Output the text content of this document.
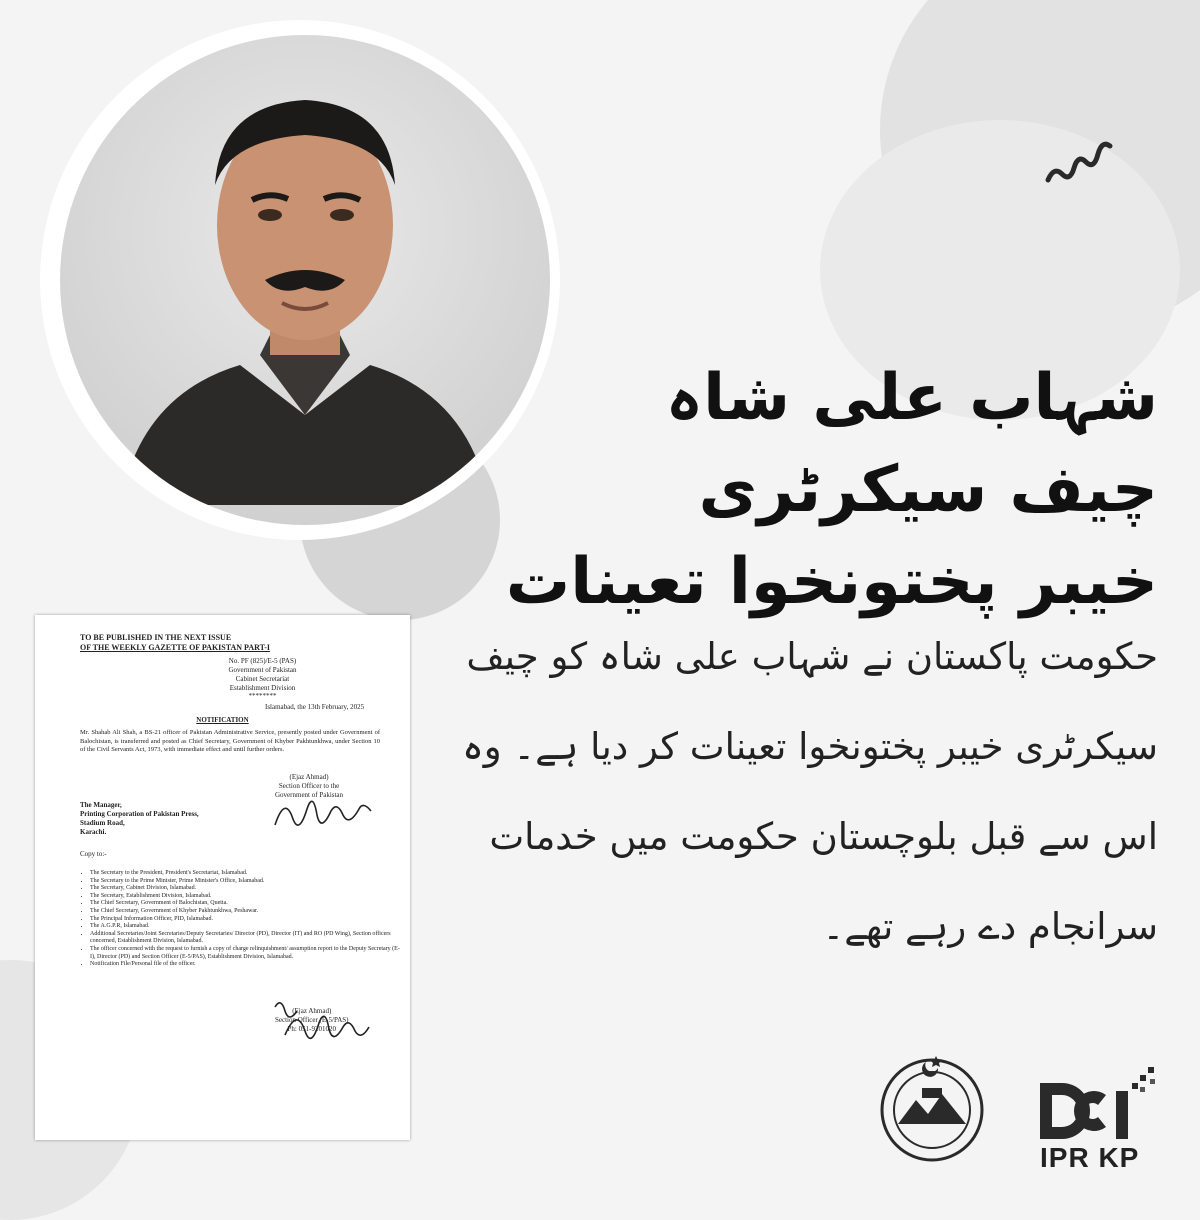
شہاب علی شاہ
چیف سیکرٹری
خیبر پختونخوا تعینات
حکومت پاکستان نے شہاب علی شاہ کو چیف
سیکرٹری خیبر پختونخوا تعینات کر دیا ہے۔ وہ
اس سے قبل بلوچستان حکومت میں خدمات
سرانجام دے رہے تھے۔
TO BE PUBLISHED IN THE NEXT ISSUE
OF THE WEEKLY GAZETTE OF PAKISTAN PART-I
No. PF (825)/E-5 (PAS)
Government of Pakistan
Cabinet Secretariat
Establishment Division
********
Islamabad, the 13th February, 2025
NOTIFICATION
Mr. Shahab Ali Shah, a BS-21 officer of Pakistan Administrative Service, presently posted under Government of Balochistan, is transferred and posted as Chief Secretary, Government of Khyber Pakhtunkhwa, under Section 10 of the Civil Servants Act, 1973, with immediate effect and until further orders.
(Ejaz Ahmad)
Section Officer to the
Government of Pakistan
The Manager,
Printing Corporation of Pakistan Press,
Stadium Road,
Karachi.
Copy to:-
• The Secretary to the President, President's Secretariat, Islamabad.
• The Secretary to the Prime Minister, Prime Minister's Office, Islamabad.
• The Secretary, Cabinet Division, Islamabad.
• The Secretary, Establishment Division, Islamabad.
• The Chief Secretary, Government of Balochistan, Quetta.
• The Chief Secretary, Government of Khyber Pakhtunkhwa, Peshawar.
• The Principal Information Officer, PID, Islamabad.
• The A.G.P.R, Islamabad.
• Additional Secretaries/Joint Secretaries/Deputy Secretaries/ Director (PD), Director (IT) and RO (PD Wing), Section officers concerned, Establishment Division, Islamabad.
• The officer concerned with the request to furnish a copy of charge relinquishment/ assumption report to the Deputy Secretary (E-I), Director (PD) and Section Officer (E-5/PAS), Establishment Division, Islamabad.
• Notification File/Personal file of the officer.
(Ejaz Ahmad)
Section Officer (E-5/PAS)
Ph: 051-9201020
IPR KP
